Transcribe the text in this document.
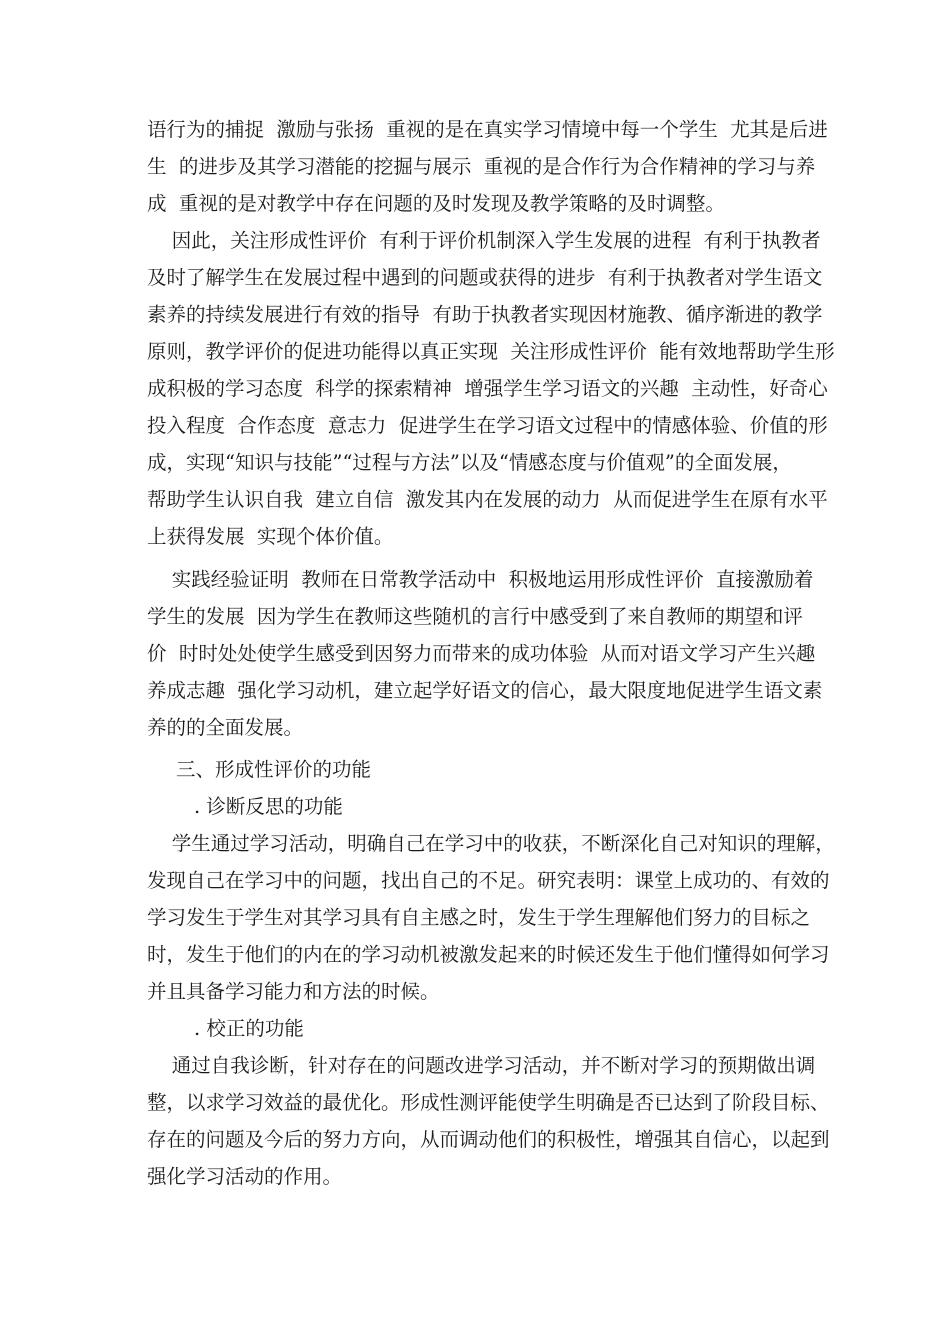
语行为的捕捉  激励与张扬  重视的是在真实学习情境中每一个学生  尤其是后进
生  的进步及其学习潜能的挖掘与展示  重视的是合作行为合作精神的学习与养
成  重视的是对教学中存在问题的及时发现及教学策略的及时调整。
因此，关注形成性评价  有利于评价机制深入学生发展的进程  有利于执教者
及时了解学生在发展过程中遇到的问题或获得的进步  有利于执教者对学生语文
素养的持续发展进行有效的指导  有助于执教者实现因材施教、循序渐进的教学
原则，教学评价的促进功能得以真正实现  关注形成性评价  能有效地帮助学生形
成积极的学习态度  科学的探索精神  增强学生学习语文的兴趣  主动性，好奇心
投入程度  合作态度  意志力  促进学生在学习语文过程中的情感体验、价值的形
成，实现“知识与技能”“过程与方法”以及“情感态度与价值观”的全面发展，
帮助学生认识自我  建立自信  激发其内在发展的动力  从而促进学生在原有水平
上获得发展  实现个体价值。
实践经验证明  教师在日常教学活动中  积极地运用形成性评价  直接激励着
学生的发展  因为学生在教师这些随机的言行中感受到了来自教师的期望和评
价  时时处处使学生感受到因努力而带来的成功体验  从而对语文学习产生兴趣
养成志趣  强化学习动机，建立起学好语文的信心，最大限度地促进学生语文素
养的的全面发展。
三、形成性评价的功能
. 诊断反思的功能
学生通过学习活动，明确自己在学习中的收获，不断深化自己对知识的理解，
发现自己在学习中的问题，找出自己的不足。研究表明：课堂上成功的、有效的
学习发生于学生对其学习具有自主感之时，发生于学生理解他们努力的目标之
时，发生于他们的内在的学习动机被激发起来的时候还发生于他们懂得如何学习
并且具备学习能力和方法的时候。
. 校正的功能
通过自我诊断，针对存在的问题改进学习活动，并不断对学习的预期做出调
整，以求学习效益的最优化。形成性测评能使学生明确是否已达到了阶段目标、
存在的问题及今后的努力方向，从而调动他们的积极性，增强其自信心，以起到
强化学习活动的作用。
